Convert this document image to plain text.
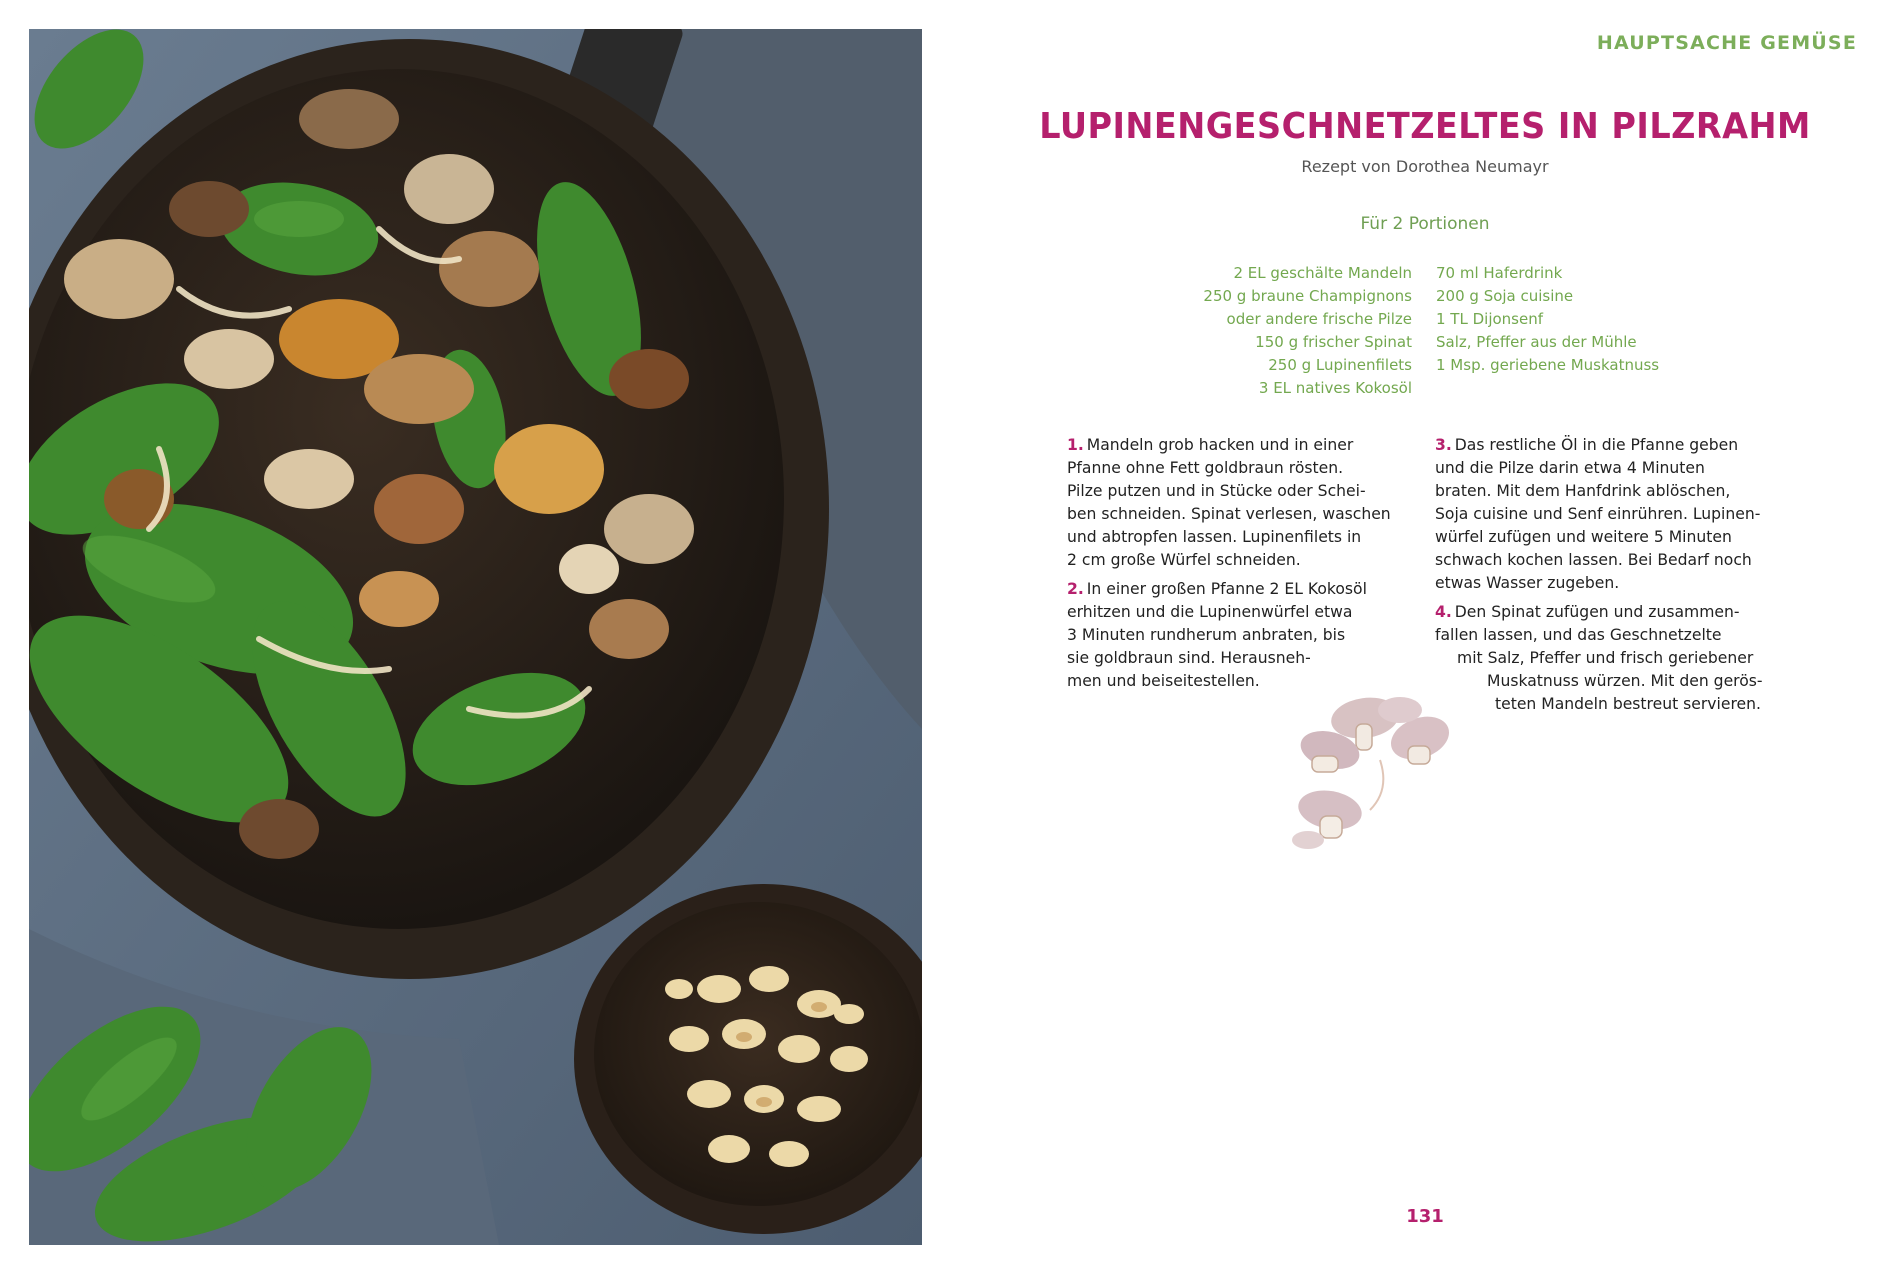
HAUPTSACHE GEMÜSE
LUPINENGESCHNETZELTES IN PILZRAHM
Rezept von Dorothea Neumayr
Für 2 Portionen
2 EL geschälte Mandeln
250 g braune Champignons
oder andere frische Pilze
150 g frischer Spinat
250 g Lupinenfilets
3 EL natives Kokosöl
70 ml Haferdrink
200 g Soja cuisine
1 TL Dijonsenf
Salz, Pfeffer aus der Mühle
1 Msp. geriebene Muskatnuss
1. Mandeln grob hacken und in einer
Pfanne ohne Fett goldbraun rösten.
Pilze putzen und in Stücke oder Schei-
ben schneiden. Spinat verlesen, waschen
und abtropfen lassen. Lupinenfilets in
2 cm große Würfel schneiden.
2. In einer großen Pfanne 2 EL Kokosöl
erhitzen und die Lupinenwürfel etwa
3 Minuten rundherum anbraten, bis
sie goldbraun sind. Herausneh-
men und beiseitestellen.
3. Das restliche Öl in die Pfanne geben
und die Pilze darin etwa 4 Minuten
braten. Mit dem Hanfdrink ablöschen,
Soja cuisine und Senf einrühren. Lupinen-
würfel zufügen und weitere 5 Minuten
schwach kochen lassen. Bei Bedarf noch
etwas Wasser zugeben.
4. Den Spinat zufügen und zusammen-
fallen lassen, und das Geschnetzelte
mit Salz, Pfeffer und frisch geriebener
Muskatnuss würzen. Mit den gerös-
teten Mandeln bestreut servieren.
131
